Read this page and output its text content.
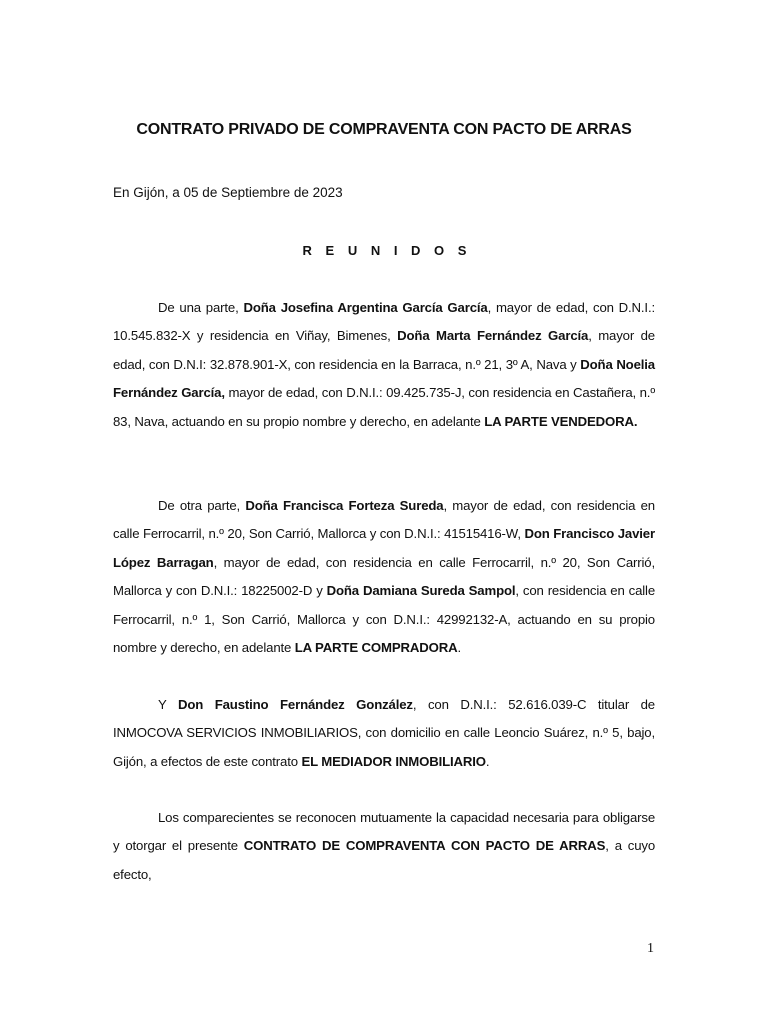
CONTRATO PRIVADO DE COMPRAVENTA CON PACTO DE ARRAS
En Gijón, a 05 de Septiembre de 2023
R E U N I D O S

De una parte, Doña Josefina Argentina García García, mayor de edad, con D.N.I.: 10.545.832-X y residencia en Viñay, Bimenes, Doña Marta Fernández García, mayor de edad, con D.N.I: 32.878.901-X, con residencia en la Barraca, n.º 21, 3º A, Nava y Doña Noelia Fernández García, mayor de edad, con D.N.I.: 09.425.735-J, con residencia en Castañera, n.º 83, Nava, actuando en su propio nombre y derecho, en adelante LA PARTE VENDEDORA.

De otra parte, Doña Francisca Forteza Sureda, mayor de edad, con residencia en calle Ferrocarril, n.º 20, Son Carrió, Mallorca y con D.N.I.: 41515416-W, Don Francisco Javier López Barragan, mayor de edad, con residencia en calle Ferrocarril, n.º 20, Son Carrió, Mallorca y con D.N.I.: 18225002-D y Doña Damiana Sureda Sampol, con residencia en calle Ferrocarril, n.º 1, Son Carrió, Mallorca y con D.N.I.: 42992132-A, actuando en su propio nombre y derecho, en adelante LA PARTE COMPRADORA.

Y Don Faustino Fernández González, con D.N.I.: 52.616.039-C titular de INMOCOVA SERVICIOS INMOBILIARIOS, con domicilio en calle Leoncio Suárez, n.º 5, bajo, Gijón, a efectos de este contrato EL MEDIADOR INMOBILIARIO.

Los comparecientes se reconocen mutuamente la capacidad necesaria para obligarse y otorgar el presente CONTRATO DE COMPRAVENTA CON PACTO DE ARRAS, a cuyo efecto,

1
